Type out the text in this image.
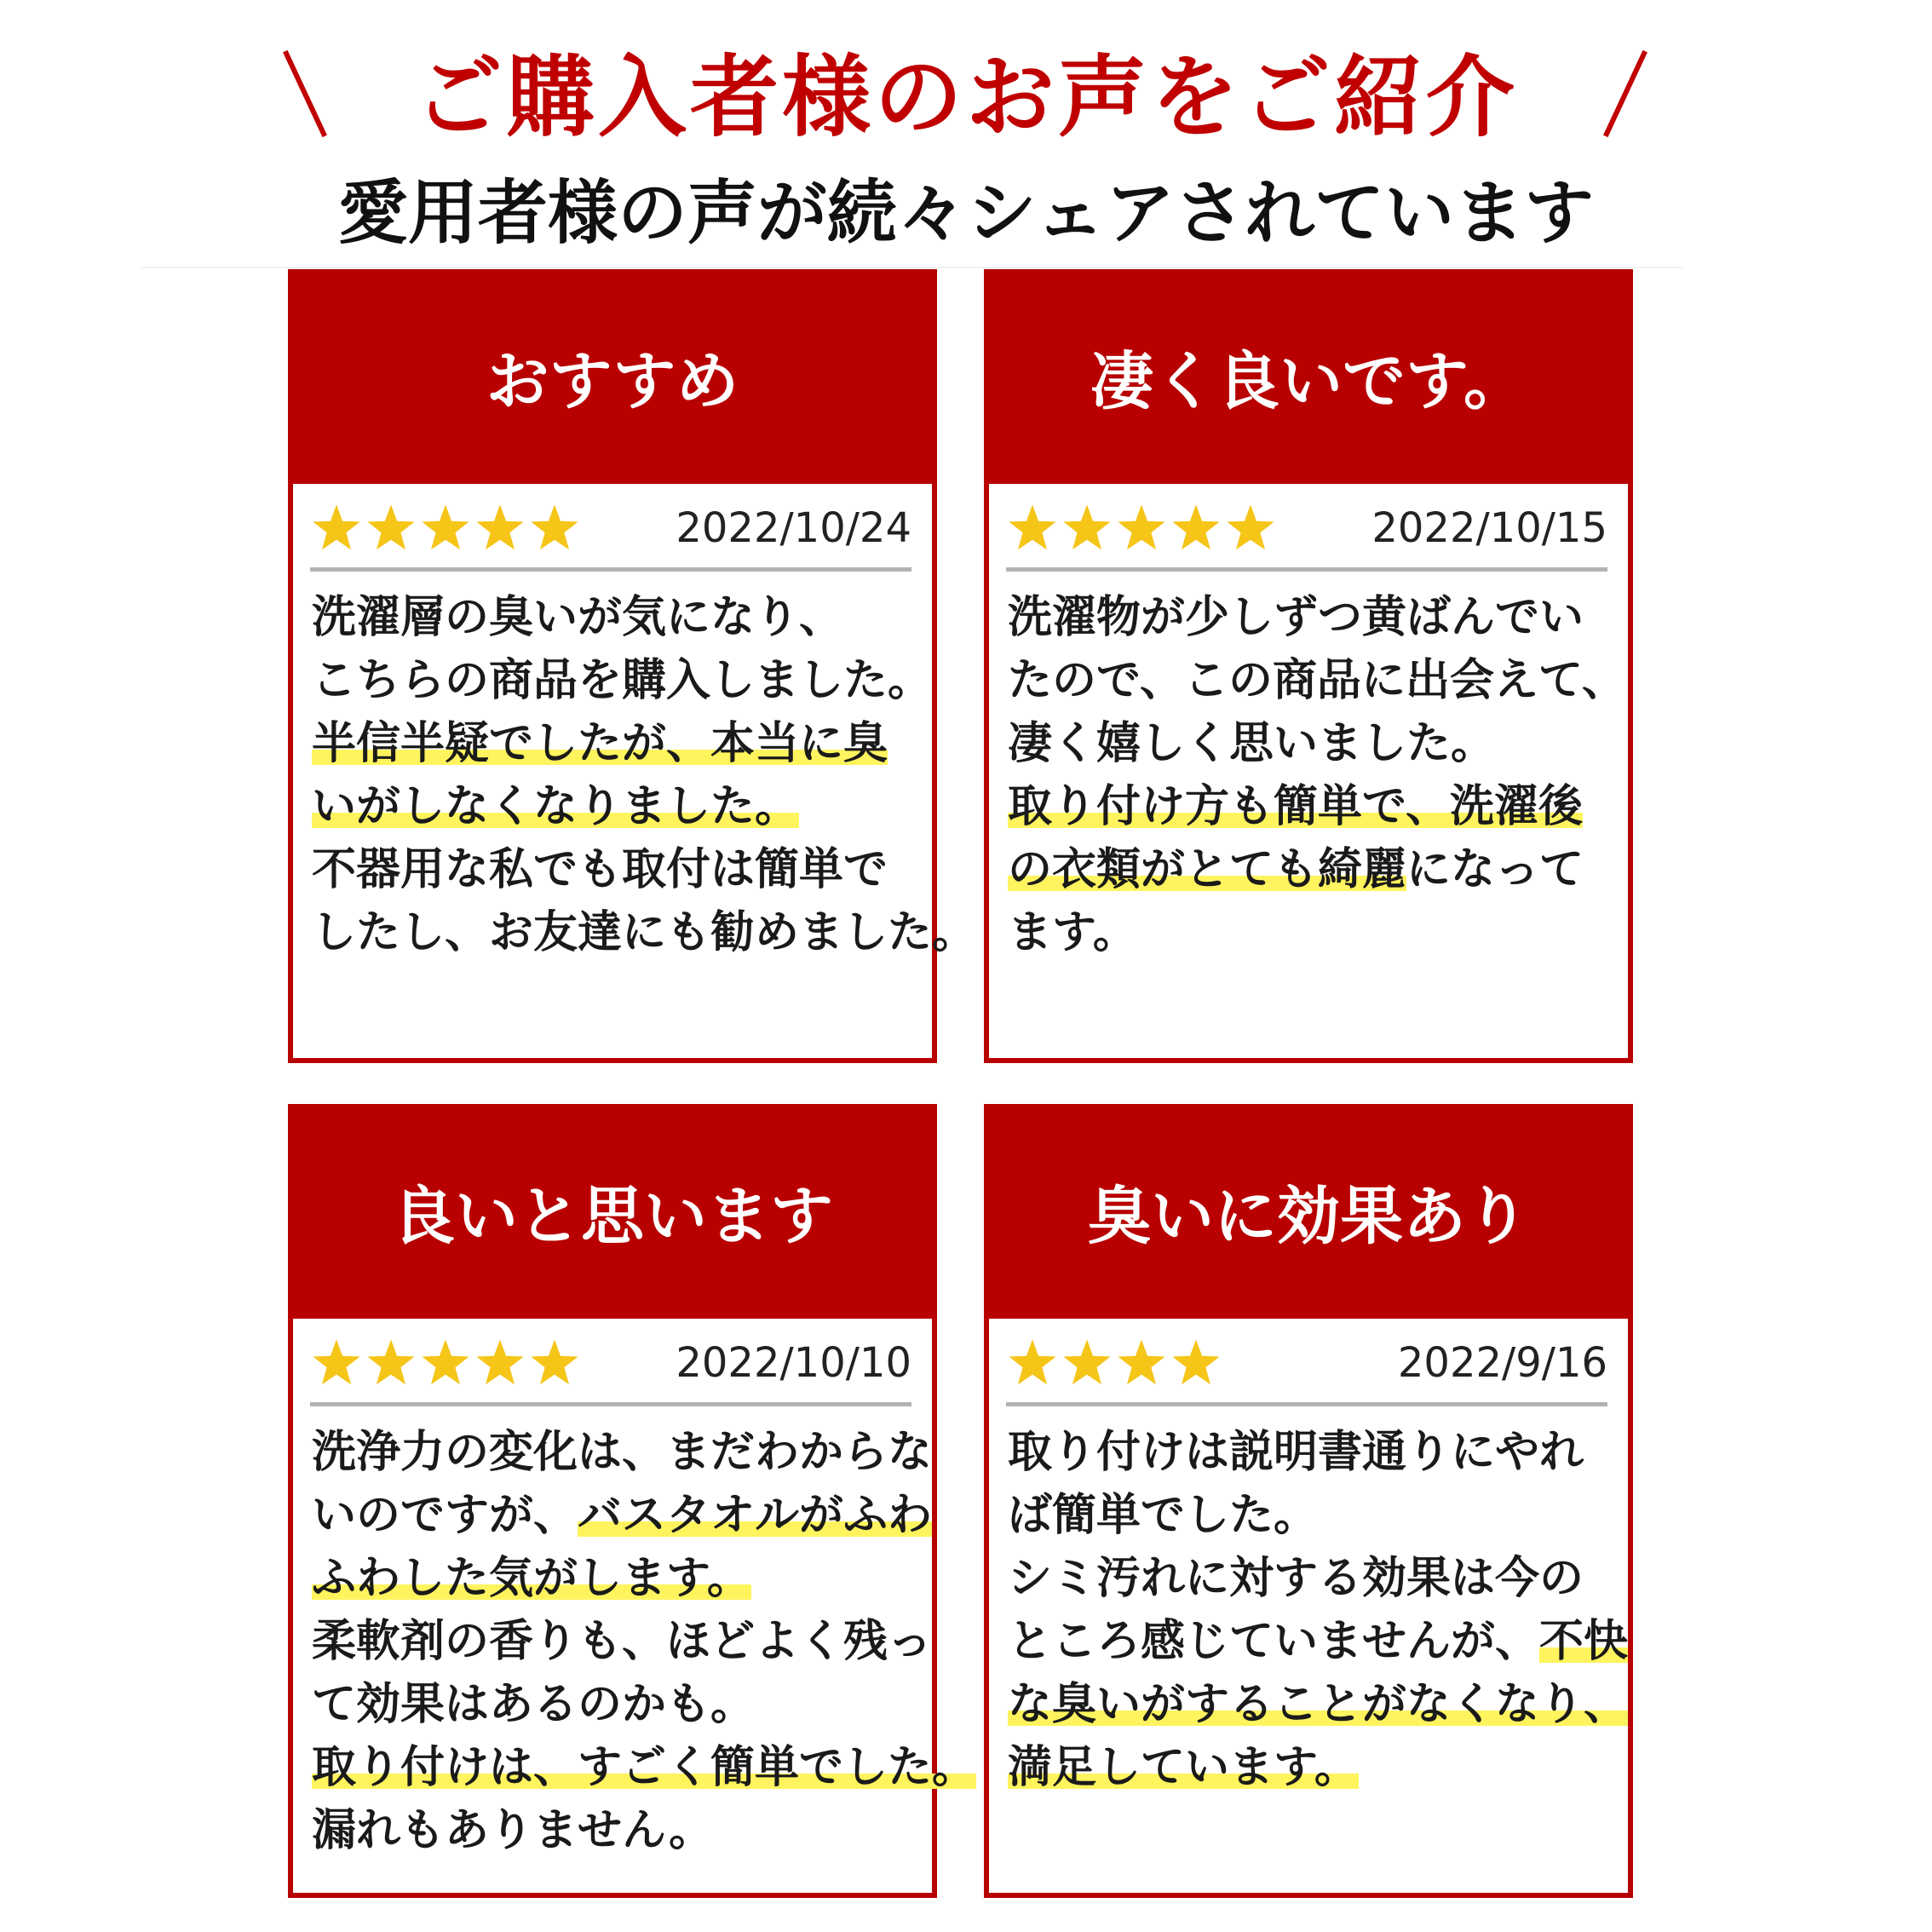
ご購入者様のお声をご紹介
愛用者様の声が続々シェアされています
おすすめ
2022/10/24
洗濯層の臭いが気になり、
こちらの商品を購入しました。
半信半疑でしたが、本当に臭
いがしなくなりました。
不器用な私でも取付は簡単で
したし、お友達にも勧めました。
凄く良いです。
2022/10/15
洗濯物が少しずつ黄ばんでい
たので、この商品に出会えて、
凄く嬉しく思いました。
取り付け方も簡単で、洗濯後
の衣類がとても綺麗になって
ます。
良いと思います
2022/10/10
洗浄力の変化は、まだわからな
いのですが、バスタオルがふわ
ふわした気がします。
柔軟剤の香りも、ほどよく残っ
て効果はあるのかも。
取り付けは、すごく簡単でした。
漏れもありません。
臭いに効果あり
2022/9/16
取り付けは説明書通りにやれ
ば簡単でした。
シミ汚れに対する効果は今の
ところ感じていませんが、不快
な臭いがすることがなくなり、
満足しています。
